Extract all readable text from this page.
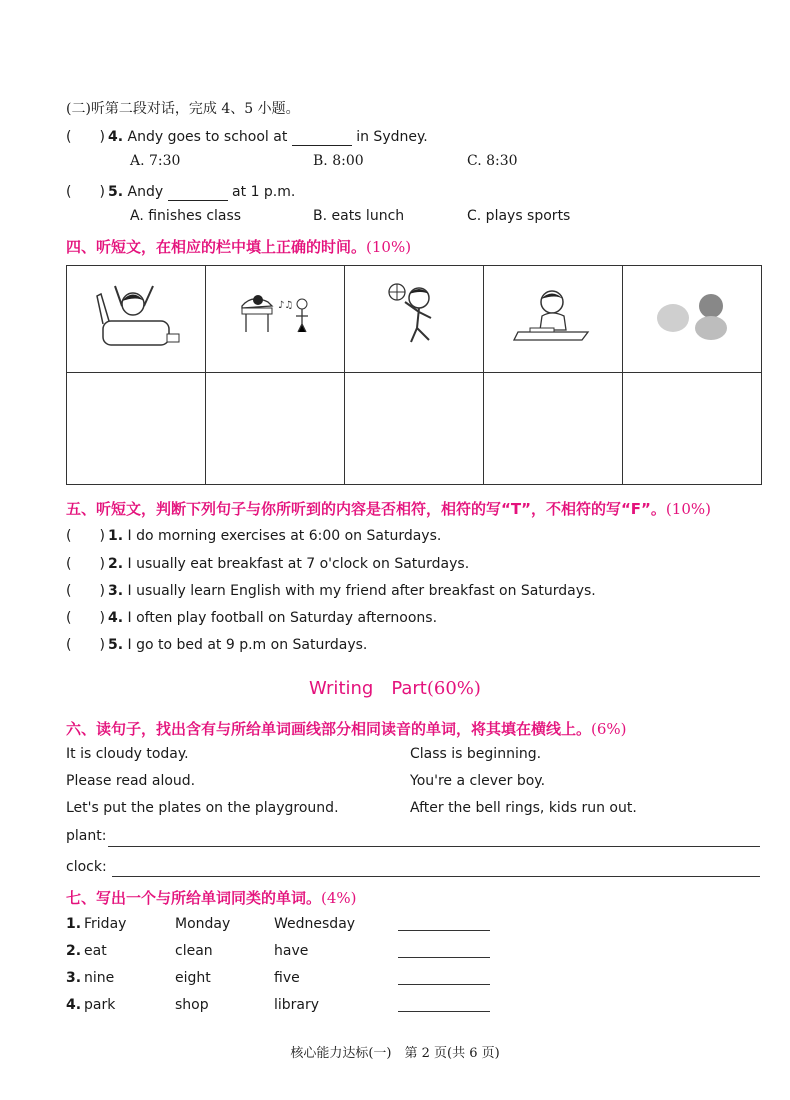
(二)听第二段对话，完成 4、5 小题。
(　　) 4. Andy goes to school at	in Sydney.
A. 7:30	B. 8:00	C. 8:30
(　　) 5. Andy	at 1 p.m.
A. finishes class	B. eats lunch	C. plays sports
四、听短文，在相应的栏中填上正确的时间。(10%)

♪♫

五、听短文，判断下列句子与你所听到的内容是否相符，相符的写“T”，不相符的写“F”。(10%)
(　　) 1. I do morning exercises at 6:00 on Saturdays.
(　　) 2. I usually eat breakfast at 7 o'clock on Saturdays.
(　　) 3. I usually learn English with my friend after breakfast on Saturdays.
(　　) 4. I often play football on Saturday afternoons.
(　　) 5. I go to bed at 9 p.m on Saturdays.
Writing　Part(60%)
六、读句子，找出含有与所给单词画线部分相同读音的单词，将其填在横线上。(6%)
It is cloudy today.
Please read aloud.
Let's put the plates on the playground.
Class is beginning.
You're a clever boy.
After the bell rings, kids run out.
plant:
clock:
七、写出一个与所给单词同类的单词。(4%)
1. Friday	Monday	Wednesday
2. eat	clean	have
3. nine	eight	five
4. park	shop	library
核心能力达标(一)　第 2 页(共 6 页)
